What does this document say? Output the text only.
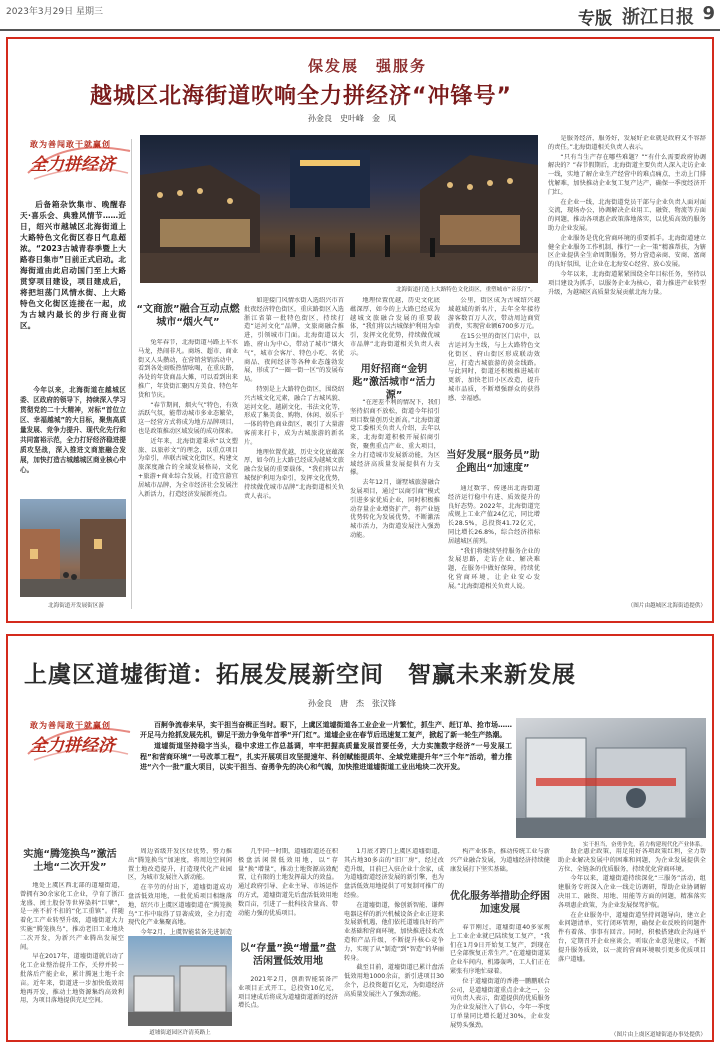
2023年3月29日 星期三	专版 浙江日报 9
保发展　强服务
越城区北海街道吹响全力拼经济“冲锋号”
孙金良　史叶峰　金　凤
敢为善闯敢干就赢创
全力拼经济

后备箱杂饮集市、晚醒春天·喜乐会、典雅风情节……近日，绍兴市越城区北海街道上大路特色文化街区春日气息超浓。“2023古城青春季暨上大路春日集市”日前正式启动。北海街道由此启动国门至上大路贯穿项目建设，项目建成后，将把坦荡门风情水街、上大路特色文化街区连接在一起，成为古城内最长的步行商业街区。

今年以来，北海街道在越城区委、区政府的领导下，持续深入学习贯彻党的二十大精神，对标“首位立区、幸福越城”的大目标，聚焦高质量发展、竞争力提升、现代化先行和共同富裕示范，全力打好经济稳进提质攻坚战，深入推进文商旅融合发展，加快打造古城越城区商业核心中心。

北海街道开发展街区游
北海街道打造上大路特色文化街区，重塑城市“音乐厅”。
“文商旅”融合互动点燃城市“烟火气”

兔年春节，北海街道马路上车水马龙，热闹非凡。商场、超市、商业街又人头攒动，在营销营销活动中，看到各处商贩热情吆喝，在重庆路，各处的年货商品大摊，可以看到出来推广，年货街汇聚四方美食、特色年货和节庆。

“春节期间，烟火气”特色，有效活跃气氛，能带动城市多业态繁荣，这一经营方式将成为地方品牌项目，也是政策推动区域发展的成功探索。

近年来，北海街道秉承“以文塑旅、以旅彰文”的理念，以重点项目为牵引，串联古城文化街区，构建文旅深度融合的全域发展格局，文化+旅游+商业综合发展，打造宜游宜居城市品牌，为全市经济社会发展注入新活力，打造经济发展新亮点。

如迎接门风情水街入选绍兴市首批夜经济特色街区，重庆路街区入选浙江省第一批特色街区，持续打造“运河文化”品牌，文旅商融合推进，引领城市门面。北海街道以大路、府山为中心，带动了城市“烟火气”，城市会客厅、特色小吃、名优商品、夜间经济等各种业态蓬勃发展，形成了“一圈一街一区”的发展布局。

特别是上大路特色街区，围绕绍兴古城文化元素，融合了古城风貌、运河文化、越剧文化、书法文化等，形成了集美食、购物、休闲、娱乐于一体的特色商业街区，吸引了大量游客前来打卡，成为古城旅游的新名片。

地理位置优越，历史文化底蕴深厚，如今的上大路已经成为越城文旅融合发展的重要载体，“我们将以古城保护利用为牵引，发挥文化优势，持续做优城市品牌”北海街道相关负责人表示。

地理位置优越，历史文化底蕴深厚，如今的上大路已经成为越城文旅融合发展的重要载体，“我们将以古城保护利用为牵引，发挥文化优势，持续做优城市品牌”北海街道相关负责人表示。

用好招商“金钥匙”激活城市“活力源”

“在逆差不利的情况下，我们坚持招商不放松，街道今年招引项目数量创历史新高。”北海街道党工委相关负责人介绍，去年以来，北海街道积极开展招商引资，聚焦重点产业、重大项目，全力打造城市发展新动能，为区域经济高质量发展提供有力支撑。

去年12月，谢墅城旅游融合发展项目，通过“以商引商”模式引进多家优质企业，同时积极推动存量企业增资扩产，将产业链优势转化为发展优势，不断激活城市活力，为街道发展注入强劲动能。

公里，街区成为古城绍兴越域越域的新名片，去年全年接待游客数百万人次，带动周边商贸消费，实现营业额6700多万元。

在15公里的街区门店中，以古运河为主线，与上大路特色文化街区、府山街区形成联动效应，打造古城旅游的黄金线路。与此同时，街道还积极推进城市更新，加快老旧小区改造，提升城市品质，不断增强群众的获得感、幸福感。

当好发展“服务员”助企跑出“加速度”

通过数字、传递出北海街道经济运行稳中有进、质效提升的良好态势。2022年，北海街道完成规上工业产值24亿元，同比增长28.5%，总投资41.72亿元，同比增长26.8%，综合经济指标居越城区前列。

“我们将继续坚持服务企业的发展思路，走访企业、解决难题，在服务中做好保障，持续优化营商环境，让企业安心发展。”北海街道相关负责人说。

是服务经济，服务好，发展好企业就是政府义不容辞的责任。”北海街道相关负责人表示。

“只有当生产存在哪些难题？”“有什么需要政府协调解决的？”春节假期后，北海街道主要负责人深入走访企业一线，实地了解企业生产经营中的难点痛点，主动上门排忧解难，加快推动企业复工复产达产，确保一季度经济开门红。

在企业一线，北海街道党员干部与企业负责人面对面交流，现场办公，协调解决企业用工、融资、物流等方面的问题，推动各项惠企政策落地落实，以优质高效的服务助力企业发展。

企业服务是优化营商环境的重要抓手。北海街道建立健全企业服务工作机制，推行“一企一策”精准帮扶，为辖区企业提供全生命周期服务，努力营造亲商、安商、富商的良好氛围，让企业在北海安心经营、放心发展。

今年以来，北海街道紧紧围绕全年目标任务，坚持以项目建设为抓手，以服务企业为核心，着力推进产业转型升级，为越城区高质量发展贡献北海力量。

（图片由越城区北海街道提供）
上虞区道墟街道：拓展发展新空间　智赢未来新发展
孙金良　唐　杰　张汉锋
敢为善闯敢干就赢创
全力拼经济

百舸争流春来早，实干担当奋楫正当时。眼下，上虞区道墟街道各工业企业一片繁忙，抓生产、赶订单、抢市场……开足马力抢抓发展先机，铆足干劲力争兔年首季“开门红”。道墟企业在春节后迅速复工复产，掀起了新一轮生产热潮。

道墟街道坚持稳字当头，稳中求进工作总基调，牢牢把握高质量发展首要任务，大力实施数字经济“一号发展工程”和营商环境“一号改革工程”，扎实开展项目攻坚提速年、科创赋能提质年、全域党建提升年“三个年”活动，着力推进“六个一批”重大项目，以实干担当、奋勇争先的决心和气魄，加快推进道墟街道工业出地块二次开发。

实干担当，奋勇争先，着力构建现代化产业体系。
实施“腾笼换鸟”激活土地“二次开发”

地处上虞区西北部的道墟街道，曾拥有30余家化工企业，孕育了浙江龙盛、闰土股份等世界染料“巨擘”，是一座不折不扣的“化工重镇”。伴随着化工产业转型升级，道墟街道大力实施“腾笼换鸟”，推动老旧工业地块二次开发，为新兴产业腾出发展空间。

早在2017年，道墟街道就启动了化工企业整治提升工作，关停并转一批落后产能企业，累计腾退土地千余亩。近年来，街道进一步加快低效用地再开发，推动土地资源集约高效利用，为项目落地提供充足空间。

周边省级开发区位优势，努力推出“腾笼换鸟”加速度，将周边空间闲置土地改造提升，打造现代化产业园区，为城市发展注入新动能。

在辛劳的付出下，道墟街道成功盘活低效用地，一批优质项目相继落地，绍兴市上虞区道墟街道在“腾笼换鸟”工作中取得了显著成效，全力打造现代化产业集聚高地。

今年2月，上虞智能装备先进制造

道墟街道园区许清英路上

几乎同一时期，道墟街道还在积极盘活闲置低效用地，以“存量”换“增量”，推动土地资源高效配置，让有限的土地发挥最大的效益。通过政府引导、企业主导、市场运作的方式，道墟街道先后盘活低效用地数百亩，引进了一批科技含量高、带动能力强的优质项目。

以“存量”换“增量”盘活闲置低效用地

2021年2月，创新智能装备产业项目正式开工，总投资10亿元，项目建成后将成为道墟街道新的经济增长点。

1月底才跨门上虞区道墟街道，其占地30多亩的“旧厂房”，经过改造升级，目前已入驻企业十余家，成为道墟街道经济发展的新引擎，也为盘活低效用地提供了可复制可推广的经验。

在道墟街道，像创新智能、谦辉电器这样的新兴机械设备企业正迎来发展新机遇，他们依托道墟良好的产业基础和营商环境，加快推进技术改造和产品升级，不断提升核心竞争力，实现了从“制造”到“智造”的华丽转身。

截至目前，道墟街道已累计盘活低效用地1000余亩，新引进项目30余个，总投资超百亿元，为街道经济高质量发展注入了强劲动能。

构产业体系，推动传统工业与新兴产业融合发展，为道墟经济持续健康发展打下坚实基础。

优化服务举措助企纾困加速发展

春节刚过，道墟街道40多家规上工业企业就已陆续复工复产，“我们在1月9日开始复工复产，到现在已全部恢复正常生产。”在道墟街道某企业车间内，机器轰鸣，工人们正在紧张有序地忙碌着。

位于道墟街道的香港一鹏鹏联合公司，是道墟街道重点企业之一，公司负责人表示，街道提供的优质服务为企业发展注入了信心，今年一季度订单量同比增长超过30%，企业发展势头强劲。

助企惠企政策，用足用好各项政策红利，全力帮助企业解决发展中的困难和问题，为企业发展提供全方位、全链条的优质服务，持续优化营商环境。

今年以来，道墟街道持续深化“三服务”活动，组建服务专班深入企业一线走访调研，帮助企业协调解决用工、融资、用地、用能等方面的问题，精准落实各项惠企政策，为企业发展保驾护航。

在企业服务中，道墟街道坚持问题导向，建立企业问题清单，实行闭环管理，确保企业反映的问题件件有着落、事事有回音。同时，积极搭建政企沟通平台，定期召开企业座谈会，听取企业意见建议，不断提升服务质效，以一流的营商环境吸引更多优质项目落户道墟。

（图片由上虞区道墟街道办事处提供）
